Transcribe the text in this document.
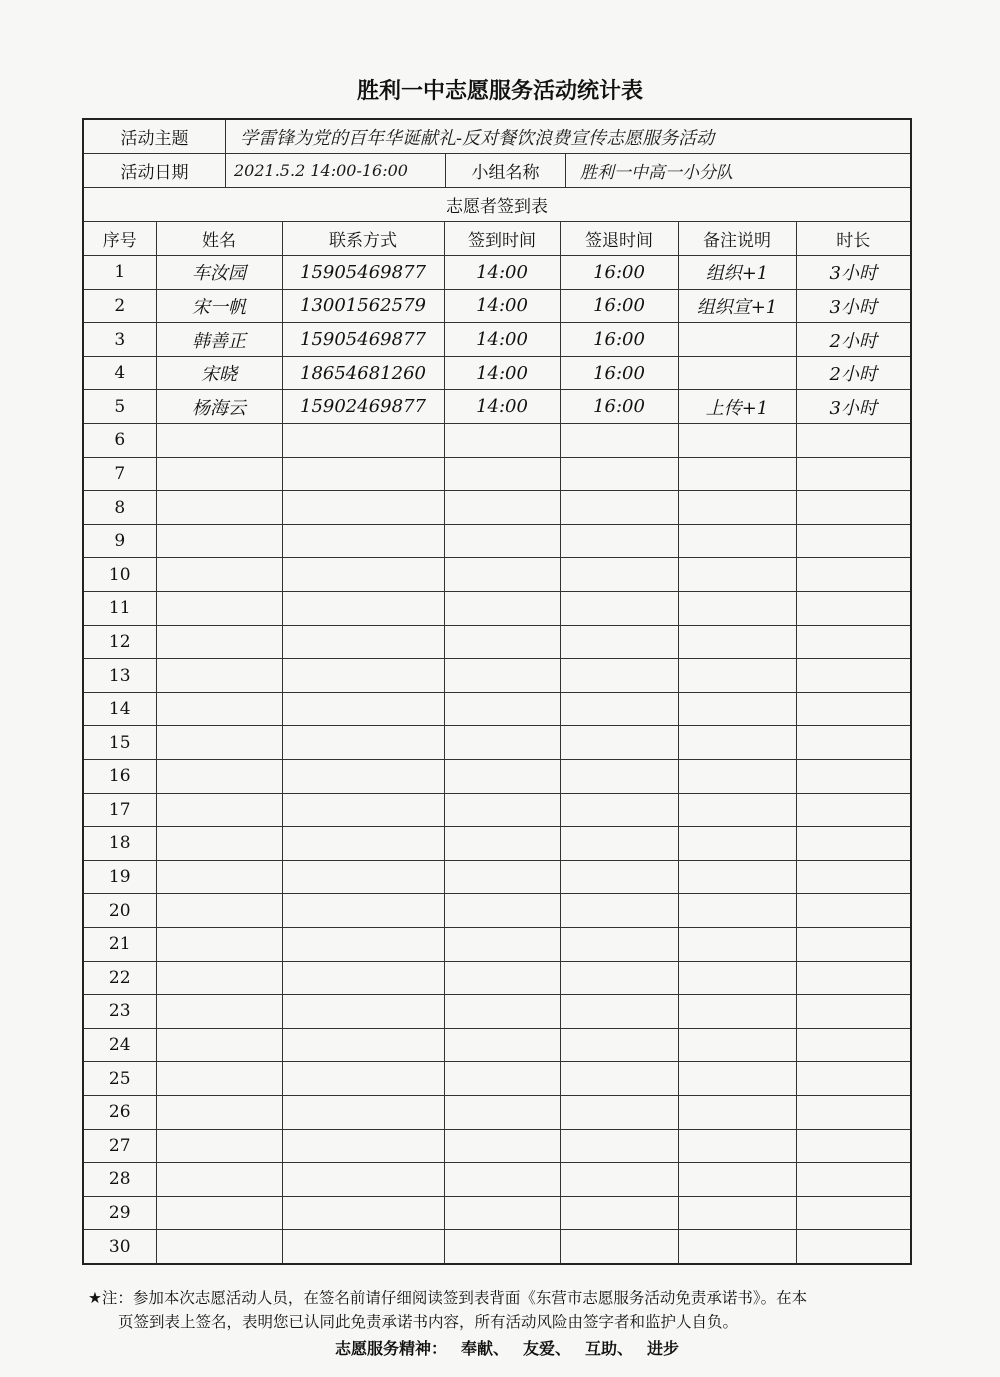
胜利一中志愿服务活动统计表
活动主题	学雷锋为党的百年华诞献礼-反对餐饮浪费宣传志愿服务活动
活动日期	2021.5.2 14:00-16:00	小组名称	胜利一中高一小分队
志愿者签到表
序号	姓名	联系方式	签到时间	签退时间	备注说明	时长
1	车汝园	15905469877	14:00	16:00	组织+1	3小时
2	宋一帆	13001562579	14:00	16:00	组织宣+1	3小时
3	韩善正	15905469877	14:00	16:00		2小时
4	宋晓	18654681260	14:00	16:00		2小时
5	杨海云	15902469877	14:00	16:00	上传+1	3小时
6						
7						
8						
9						
10						
11						
12						
13						
14						
15						
16						
17						
18						
19						
20						
21						
22						
23						
24						
25						
26						
27						
28						
29						
30						
★注：参加本次志愿活动人员，在签名前请仔细阅读签到表背面《东营市志愿服务活动免责承诺书》。在本
页签到表上签名，表明您已认同此免责承诺书内容，所有活动风险由签字者和监护人自负。
志愿服务精神： 奉献、 友爱、 互助、 进步
